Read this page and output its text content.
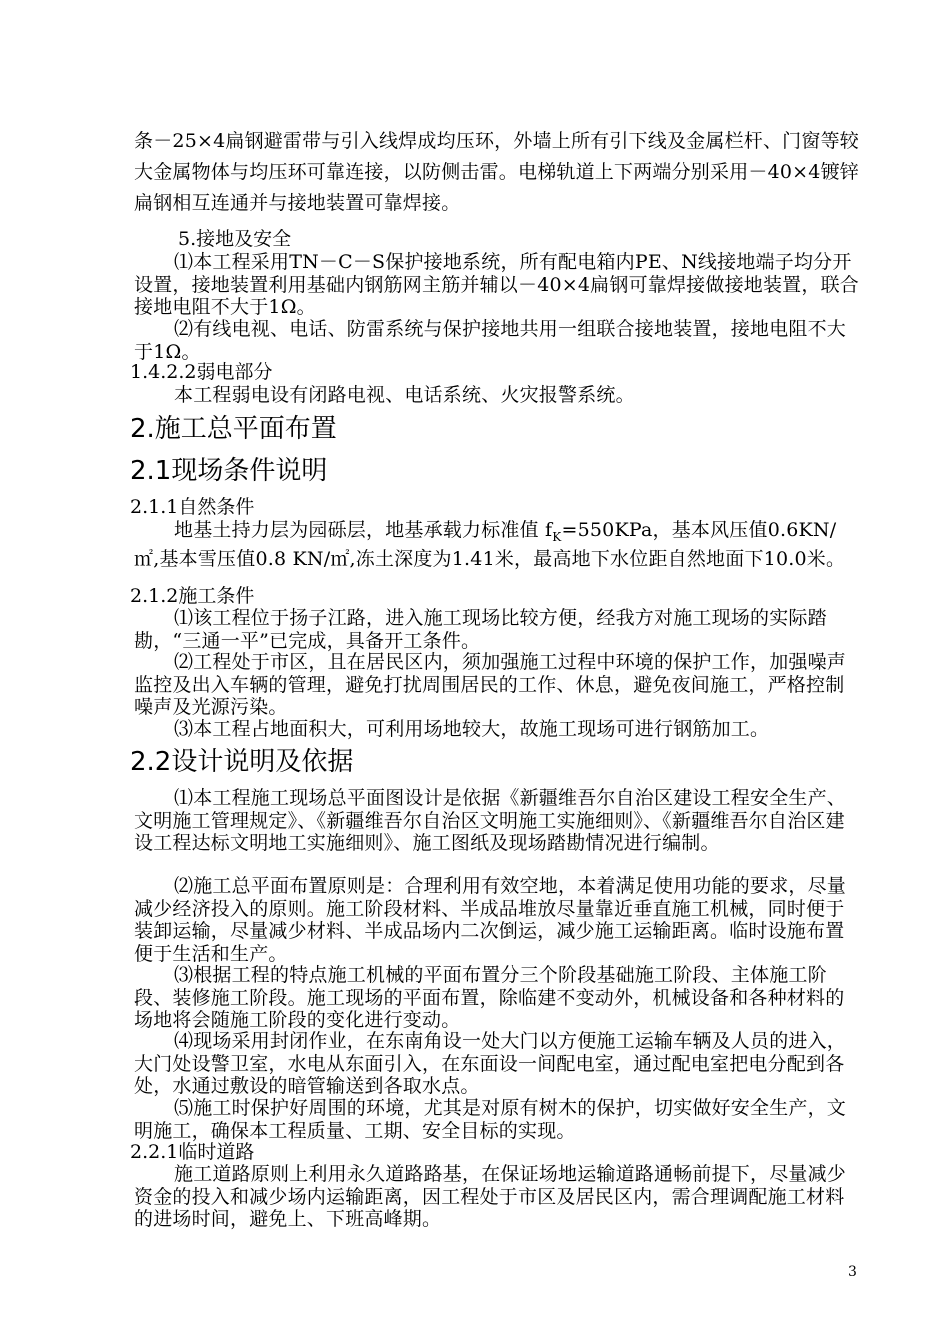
条－25×4扁钢避雷带与引入线焊成均压环，外墙上所有引下线及金属栏杆、门窗等较大金属物体与均压环可靠连接，以防侧击雷。电梯轨道上下两端分别采用－40×4镀锌扁钢相互连通并与接地装置可靠焊接。
5.接地及安全
⑴本工程采用TN－C－S保护接地系统，所有配电箱内PE、N线接地端子均分开设置，接地装置利用基础内钢筋网主筋并辅以－40×4扁钢可靠焊接做接地装置，联合接地电阻不大于1Ω。
⑵有线电视、电话、防雷系统与保护接地共用一组联合接地装置，接地电阻不大于1Ω。
1.4.2.2弱电部分
本工程弱电设有闭路电视、电话系统、火灾报警系统。
2.施工总平面布置
2.1现场条件说明
2.1.1自然条件
地基土持力层为园砾层，地基承载力标准值 $f_K=550KPa$，基本风压值0.6KN/㎡,基本雪压值0.8 KN/㎡,冻土深度为1.41米，最高地下水位距自然地面下10.0米。
2.1.2施工条件
⑴该工程位于扬子江路，进入施工现场比较方便，经我方对施工现场的实际踏勘，“三通一平”已完成，具备开工条件。
⑵工程处于市区，且在居民区内，须加强施工过程中环境的保护工作，加强噪声监控及出入车辆的管理，避免打扰周围居民的工作、休息，避免夜间施工，严格控制噪声及光源污染。
⑶本工程占地面积大，可利用场地较大，故施工现场可进行钢筋加工。
2.2设计说明及依据
⑴本工程施工现场总平面图设计是依据《新疆维吾尔自治区建设工程安全生产、文明施工管理规定》、《新疆维吾尔自治区文明施工实施细则》、《新疆维吾尔自治区建设工程达标文明地工实施细则》、施工图纸及现场踏勘情况进行编制。
⑵施工总平面布置原则是：合理利用有效空地，本着满足使用功能的要求，尽量减少经济投入的原则。施工阶段材料、半成品堆放尽量靠近垂直施工机械，同时便于装卸运输，尽量减少材料、半成品场内二次倒运，减少施工运输距离。临时设施布置便于生活和生产。
⑶根据工程的特点施工机械的平面布置分三个阶段基础施工阶段、主体施工阶段、装修施工阶段。施工现场的平面布置，除临建不变动外，机械设备和各种材料的场地将会随施工阶段的变化进行变动。
⑷现场采用封闭作业，在东南角设一处大门以方便施工运输车辆及人员的进入，大门处设警卫室，水电从东面引入，在东面设一间配电室，通过配电室把电分配到各处，水通过敷设的暗管输送到各取水点。
⑸施工时保护好周围的环境，尤其是对原有树木的保护，切实做好安全生产，文明施工，确保本工程质量、工期、安全目标的实现。
2.2.1临时道路
施工道路原则上利用永久道路路基，在保证场地运输道路通畅前提下，尽量减少资金的投入和减少场内运输距离，因工程处于市区及居民区内，需合理调配施工材料的进场时间，避免上、下班高峰期。
3
